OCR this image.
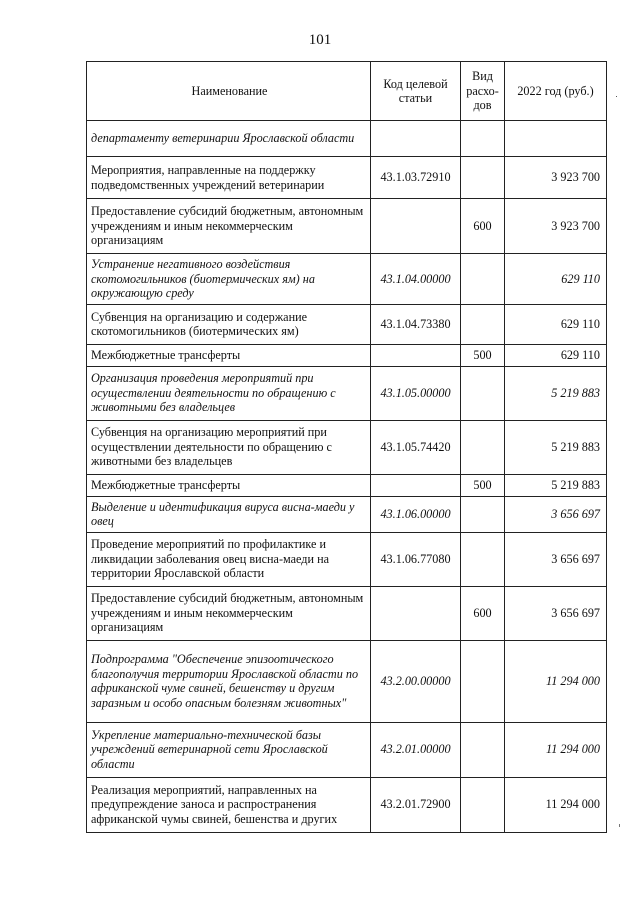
101
Наименование	Код целевой статьи	Вид расхо-дов	2022 год (руб.)
департаменту ветеринарии Ярославской области			
Мероприятия, направленные на поддержку подведомственных учреждений ветеринарии	43.1.03.72910		3 923 700
Предоставление субсидий бюджетным, автономным учреждениям и иным некоммерческим организациям		600	3 923 700
Устранение негативного воздействия скотомогильников (биотермических ям) на окружающую среду	43.1.04.00000		629 110
Субвенция на организацию и содержание скотомогильников (биотермических ям)	43.1.04.73380		629 110
Межбюджетные трансферты		500	629 110
Организация проведения мероприятий при осуществлении деятельности по обращению с животными без владельцев	43.1.05.00000		5 219 883
Субвенция на организацию мероприятий при осуществлении деятельности по обращению с животными без владельцев	43.1.05.74420		5 219 883
Межбюджетные трансферты		500	5 219 883
Выделение и идентификация вируса висна-маеди у овец	43.1.06.00000		3 656 697
Проведение мероприятий по профилактике и ликвидации заболевания овец висна-маеди на территории Ярославской области	43.1.06.77080		3 656 697
Предоставление субсидий бюджетным, автономным учреждениям и иным некоммерческим организациям		600	3 656 697
Подпрограмма "Обеспечение эпизоотического благополучия территории Ярославской области по африканской чуме свиней, бешенству и другим заразным и особо опасным болезням животных"	43.2.00.00000		11 294 000
Укрепление материально-технической базы учреждений ветеринарной сети Ярославской области	43.2.01.00000		11 294 000
Реализация мероприятий, направленных на предупреждение заноса и распространения африканской чумы свиней, бешенства и других	43.2.01.72900		11 294 000
